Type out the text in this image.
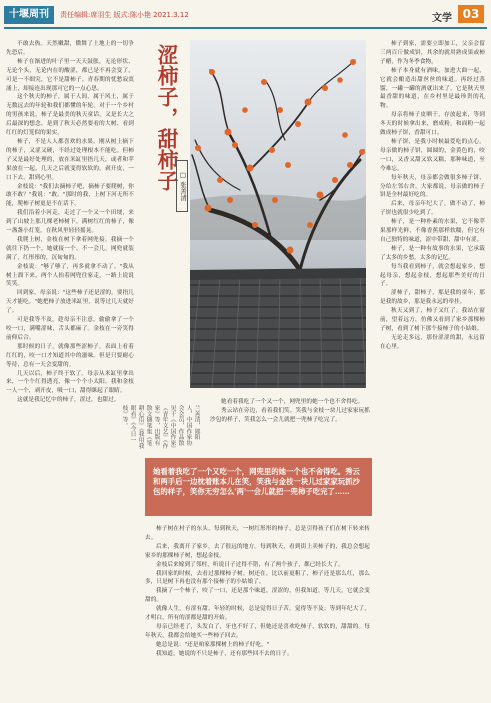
十堰周刊	责任编辑:席羽生 版式:陈小艳 2021.3.12	文学 03

不敢去热。天然嫩甜，微舞了土地上的一切争先恐后。

柿子在渐进的叶子里一天天鼓胀，无论形状、无论个头，无论内在的酸涩，都已是不再会变了，可是一不细究，它不是甜柿子。青春期的忧愁寂寞涌上，却接连出现那可它的一点心思。

这个秋天的柿子，属于人间，属于风土，属于无数远去的年轮和我们都懂的年轮。对于一个乡村的男孩来说，柿子是最美的秋天童话，又是长大之后最深的想念，是到了秋天必然要看的大树、看到红红的灯笼似的果实。

柿子，不是人人都喜欢的水果。刚从树上摘下的柿子，又涩又硬，不经过处理根本不能吃。但柿子又是最好处理的，放在米缸里捂几天，或者和苹果放在一起，几天之后就变得软软的，剥开皮，一口下去，甜到心里。

金枝说："我们去摘柿子吧，摘柿子要爬树，你敢不敢？"我说："敢。"那时的我，上树下河无所不能，爬柿子树更是不在话下。

我们沿着小河走，走过了一个又一个田埂，来到了山坡上那几棵老柿树下。满树红红的柿子，像一盏盏小灯笼，在秋风里轻轻摇晃。

我爬上树，金枝在树下拿着网兜接。我摘一个就往下扔一个，她就接一个。不一会儿，网兜就装满了，红彤彤的，沉甸甸的。

金枝说："够了够了，再多就拿不动了。"我从树上溜下来，两个人抬着网兜往家走，一路上说说笑笑。

回到家，母亲说："这些柿子还是涩的，要捂几天才能吃。"她把柿子放进米缸里，说等过几天就好了。

可是我等不及，趁母亲不注意，偷偷拿了一个咬一口，满嘴涩味，舌头都麻了。金枝在一旁笑得前仰后合。

那时候的日子，就像那些涩柿子，表面上看着红红的，咬一口才知道其中的滋味。但是只要耐心等待，总有一天会变甜的。

几天以后，柿子终于软了。母亲从米缸里拿出来，一个个红得透亮，像一个个小太阳。我和金枝一人一个，剥开皮，吸一口，甜得眯起了眼睛。

这就是我记忆中的柿子，涩过，也甜过。

涩柿子，甜柿子 □ 张善清
兰善清，郧阳人，中国作家协会会员，作品散见于《中国作家》《青年文艺》《作家》等，出版有散文随笔集《笔耕心语》《我用我眼看》《今日一枝》等。

她看着我吃了一个又一个，网兜里的她一个也不舍得吃。

秀云站在旁边，看着我们笑。笑我与金枝一块儿过家家玩抓沙包的样子，笑我怎么一会儿就把一兜柿子吃完了。

她看着我吃了一个又吃一个，网兜里的她一个也不舍得吃。秀云和两手后一边枕着账本儿在笑，笑我与金枝一块儿过家家玩抓沙包的样子，笑你无穷怎么'两'一会儿就把一兜柿子吃完了……

柿子树在村子的东头，每到秋天，一树红彤彤的柿子，总是引得孩子们在树下转来转去。

后来，我离开了家乡，去了很远的地方。每到秋天，看到街上卖柿子的，我总会想起家乡的那棵柿子树，想起金枝。

金枝后来嫁到了邻村，听说日子过得不错，有了两个孩子，都已经长大了。

我回家的时候，去看过那棵柿子树。树还在，比以前更粗了，柿子还是那么红，那么多，只是树下再也没有那个接柿子的小姑娘了。

我摘了一个柿子，咬了一口，还是那个味道，涩涩的，但我知道，等几天，它就会变甜的。

就像人生，有涩有甜。年轻的时候，总是觉得日子苦，觉得等不及；等到年纪大了，才明白，所有的涩都是甜的开始。

母亲已经老了，头发白了，牙也不好了，但她还是喜欢吃柿子，软软的，甜甜的。每年秋天，我都会给她买一些柿子回去。

她总是说："还是咱家那棵树上的柿子好吃。"

我知道，她说的不只是柿子，还有那些回不去的日子。

柿子到家，需要立即加工，父亲会留三两百斤做成饼，其余的就用熟成果或柿子醋，作为冬季食物。

柿子本身就有酒味，加进大曲一起，它就会酿造出甜丝丝的味道。再经过蒸馏，一罐一罐的酒就出来了。它是秋天里最香甜的味道，在乡村里是最珍贵的礼物。

母亲将柿子皮晒干，存放起来，等到冬天的时候拿出来，磨成粉，和面粉一起做成柿子饼，香甜可口。

柿子饼，是我小时候最爱吃的点心。母亲做的柿子饼，圆圆的，金黄色的，咬一口，又香又甜又软又糯，那种味道，至今难忘。

每年秋天，母亲都会做很多柿子饼，分给左邻右舍。大家都说，母亲做的柿子饼是全村最好吃的。

后来，母亲年纪大了，做不动了，柿子饼也就很少吃到了。

柿子，是一种朴素的水果，它不像苹果那样光鲜，不像香蕉那样软糯，但它有自己独特的味道，涩中带甜，甜中有涩。

柿子，是一种有故事的水果，它承载了太多的乡愁，太多的记忆。

每当我看到柿子，就会想起家乡，想起母亲，想起金枝，想起那些美好的日子。

涩柿子，甜柿子，那是我的童年，那是我的故乡，那是我永远的牵挂。

秋天又到了，柿子又红了。我站在窗前，望着远方，仿佛又看到了家乡那棵柿子树，看到了树下那个接柿子的小姑娘。

无论走多远，那份涩涩的甜，永远留在心里。
